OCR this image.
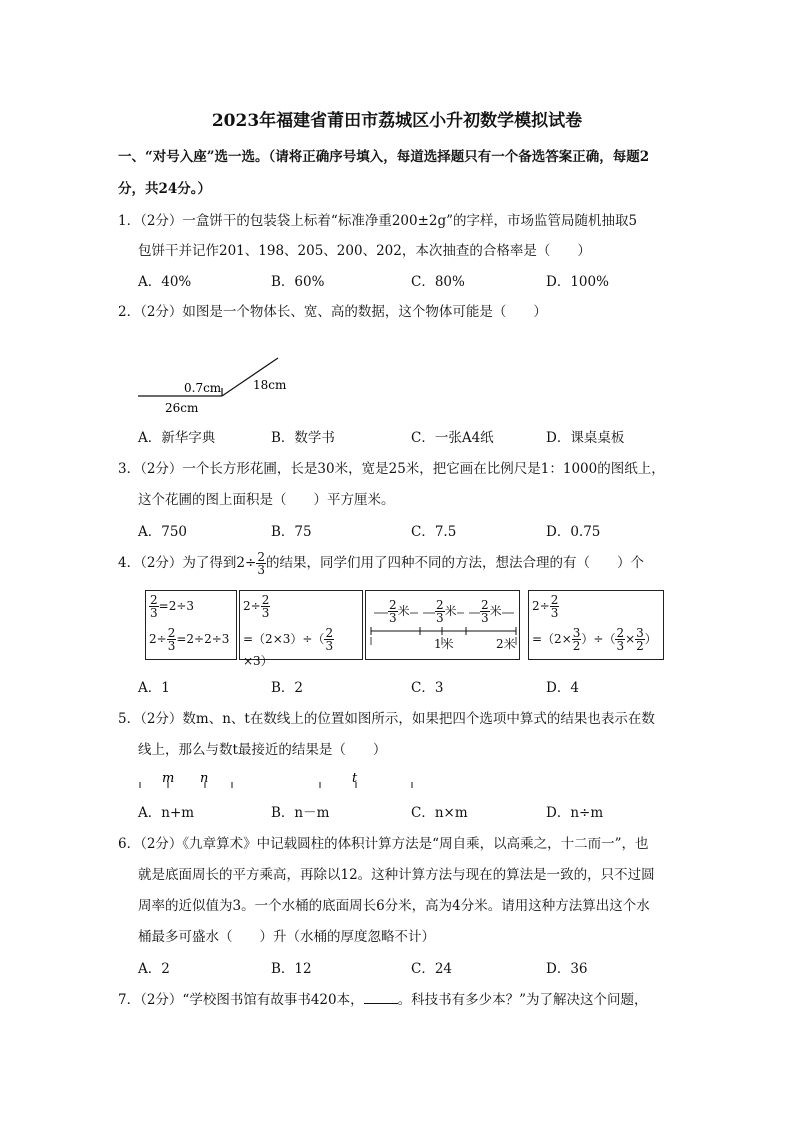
2023年福建省莆田市荔城区小升初数学模拟试卷
一、“对号入座”选一选。（请将正确序号填入，每道选择题只有一个备选答案正确，每题2
分，共24分。）
1．（2分）一盒饼干的包装袋上标着“标准净重200±2g”的字样，市场监管局随机抽取5
包饼干并记作201、198、205、200、202，本次抽查的合格率是（　　）
A．40%	B．60%	C．80%	D．100%
2．（2分）如图是一个物体长、宽、高的数据，这个物体可能是（　　）
0.7cm	18cm
26cm
A．新华字典	B．数学书	C．一张A4纸	D．课桌桌板
3．（2分）一个长方形花圃，长是30米，宽是25米，把它画在比例尺是1：1000的图纸上，
这个花圃的图上面积是（　　）平方厘米。
A．750	B．75	C．7.5	D．0.75
4．（2分）为了得到$2\div \frac{2}{3}$ 的结果，同学们用了四种不同的方法，想法合理的有（　　）个
$\frac{2}{3} =2\div 3$
$2\div \frac{2}{3} =2\div 2\div 3$
$2\div \frac{2}{3}$
$=(2\times 3)\div( \frac{2}{3}$
×3）
$\frac{2}{3}$ 米 $\frac{2}{3}$ 米 $\frac{2}{3}$ 米
1米	2米
$2\div \frac{2}{3}$
$=(2\times \frac{3}{2}$ ）÷（ $\frac{2}{3} \times \frac{3}{2}$ ）
A．1	B．2	C．3	D．4
5．（2分）数m、n、t在数线上的位置如图所示，如果把四个选项中算式的结果也表示在数
线上，那么与数t最接近的结果是（　　）
m n	t
A．n+m	B．n－m	C．n×m	D．n÷m
6．（2分）《九章算术》中记载圆柱的体积计算方法是“周自乘，以高乘之，十二而一”，也
就是底面周长的平方乘高，再除以12。这种计算方法与现在的算法是一致的，只不过圆
周率的近似值为3。一个水桶的底面周长6分米，高为4分米。请用这种方法算出这个水
桶最多可盛水（　　）升（水桶的厚度忽略不计）
A．2	B．12	C．24	D．36
7．（2分）“学校图书馆有故事书420本，	。科技书有多少本？”为了解决这个问题，
